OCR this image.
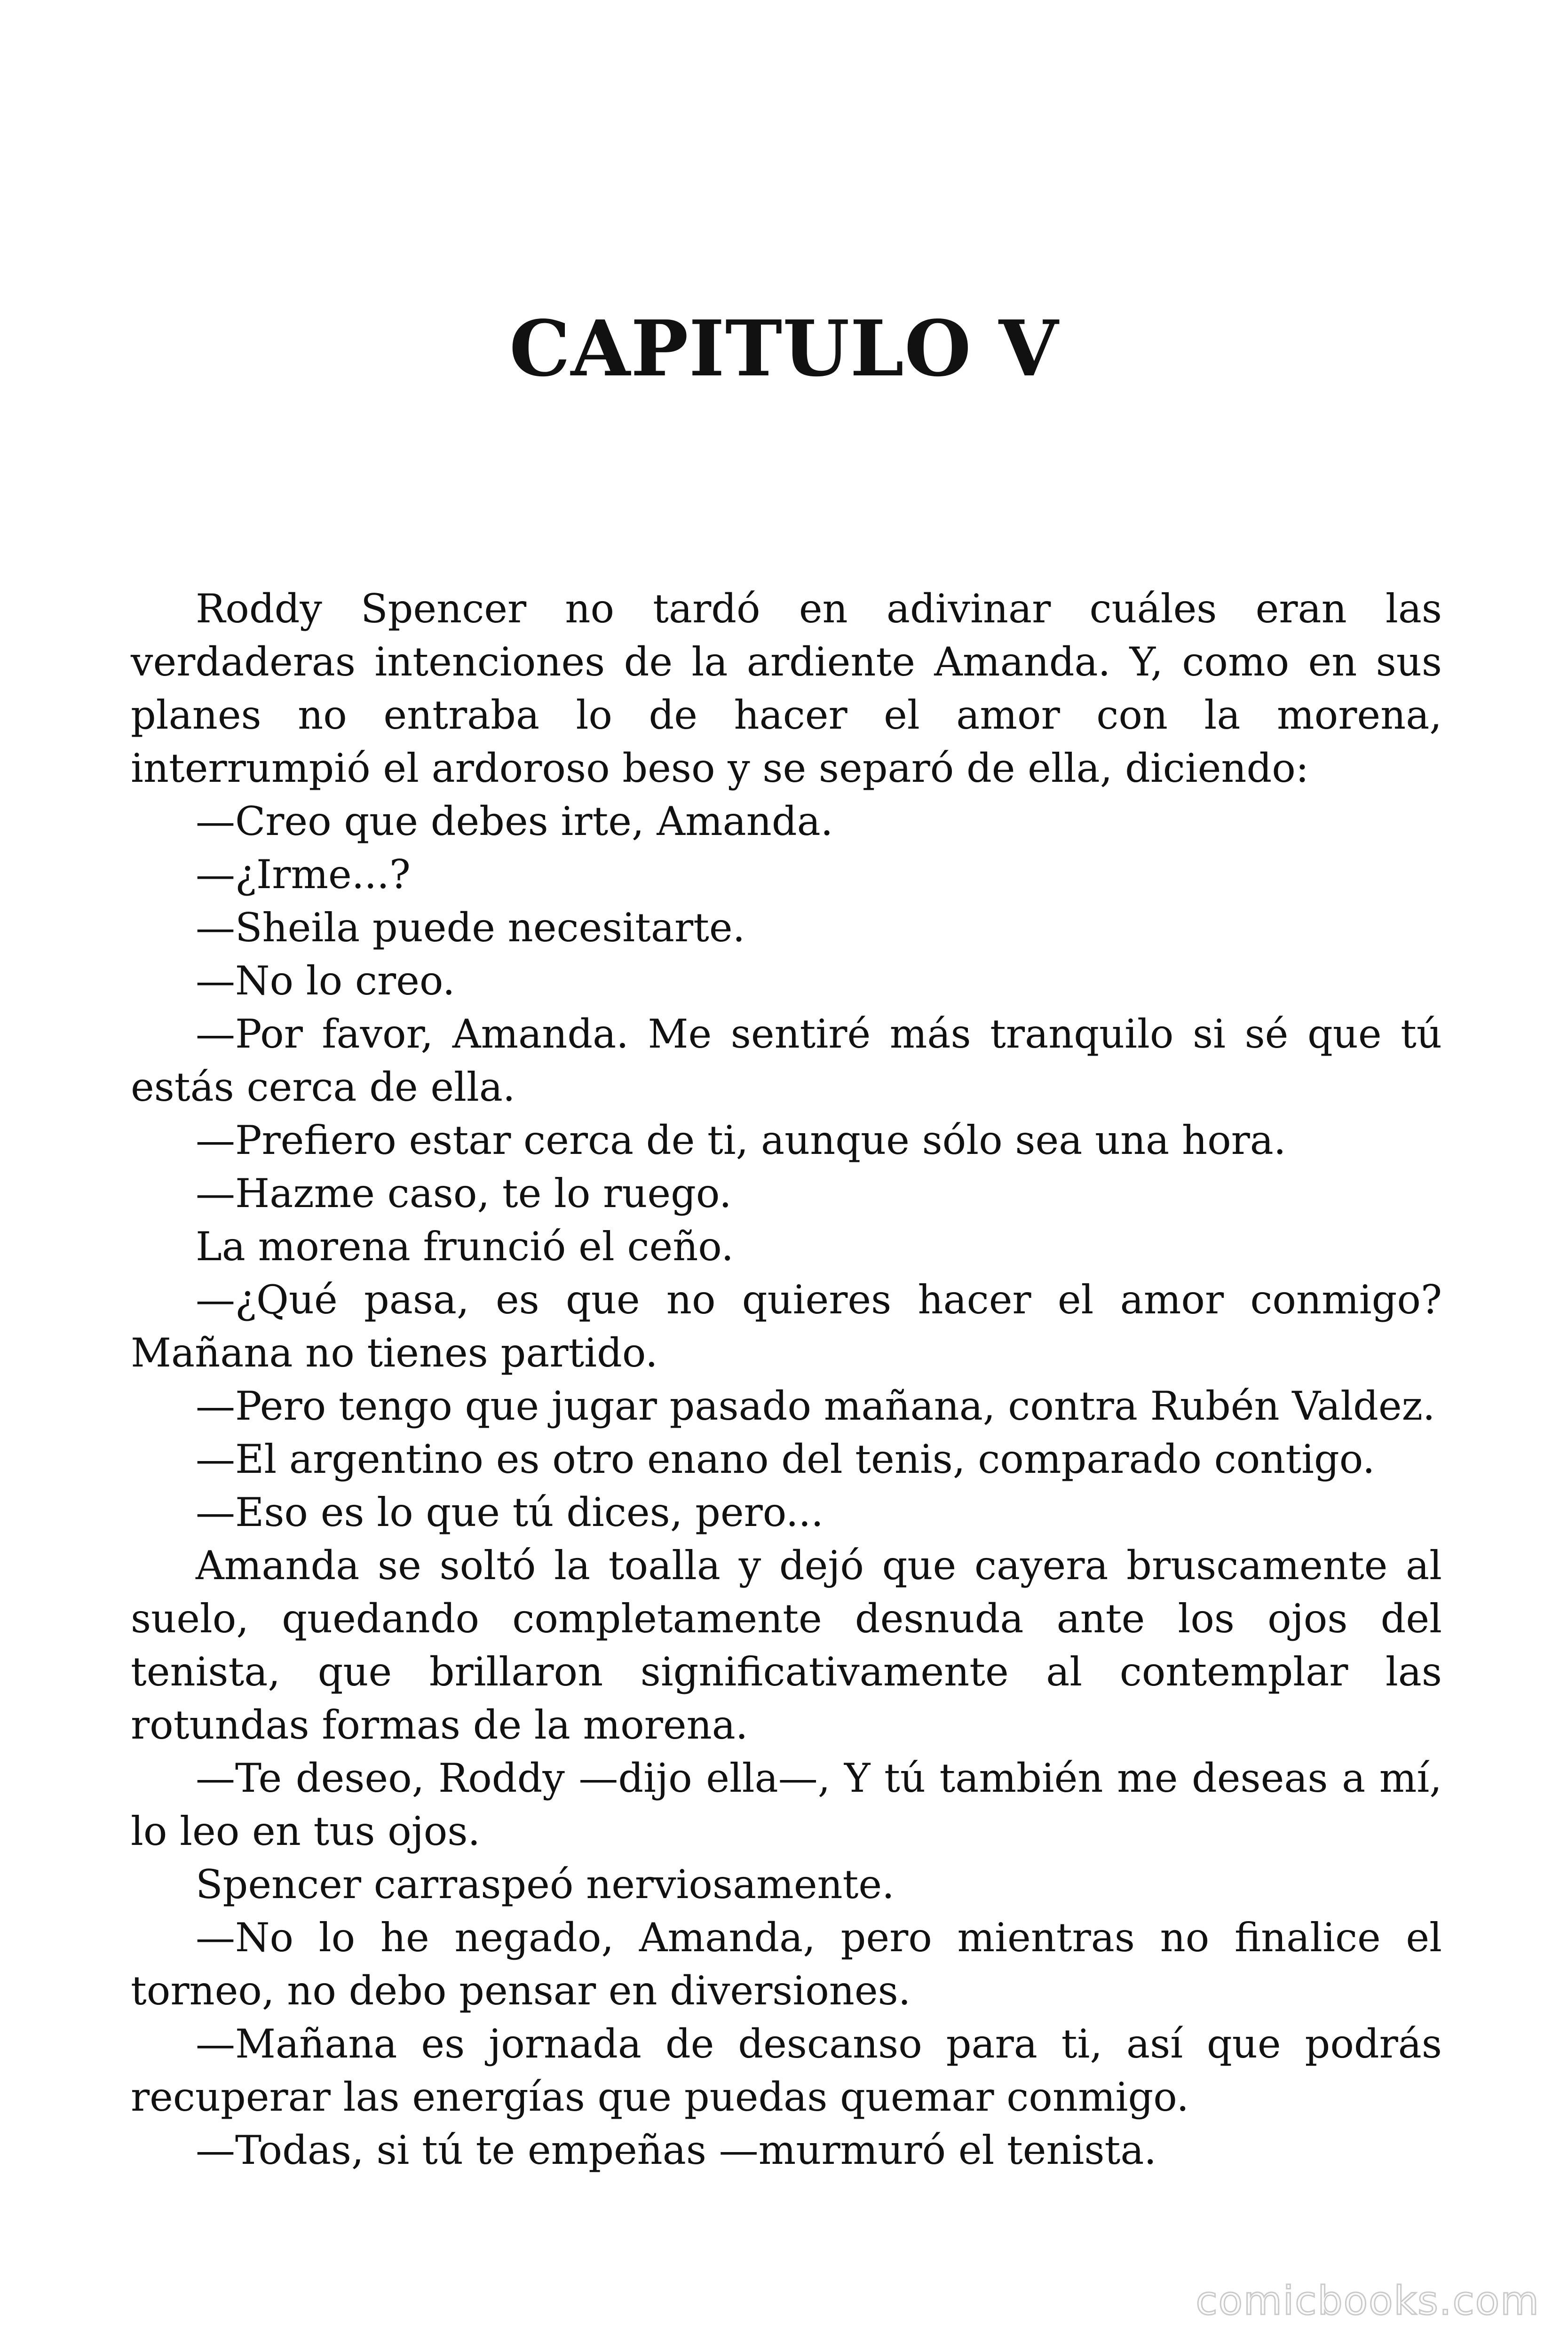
CAPITULO V

Roddy Spencer no tardó en adivinar cuáles eran las verdaderas intenciones de la ardiente Amanda. Y, como en sus planes no entraba lo de hacer el amor con la morena, interrumpió el ardoroso beso y se separó de ella, diciendo:

—Creo que debes irte, Amanda.

—¿Irme...?

—Sheila puede necesitarte.

—No lo creo.

—Por favor, Amanda. Me sentiré más tranquilo si sé que tú estás cerca de ella.

—Prefiero estar cerca de ti, aunque sólo sea una hora.

—Hazme caso, te lo ruego.

La morena frunció el ceño.

—¿Qué pasa, es que no quieres hacer el amor conmigo? Mañana no tienes partido.

—Pero tengo que jugar pasado mañana, contra Rubén Valdez.

—El argentino es otro enano del tenis, comparado contigo.

—Eso es lo que tú dices, pero...

Amanda se soltó la toalla y dejó que cayera bruscamente al suelo, quedando completamente desnuda ante los ojos del tenista, que brillaron significativamente al contemplar las rotundas formas de la morena.

—Te deseo, Roddy —dijo ella—, Y tú también me deseas a mí, lo leo en tus ojos.

Spencer carraspeó nerviosamente.

—No lo he negado, Amanda, pero mientras no finalice el torneo, no debo pensar en diversiones.

—Mañana es jornada de descanso para ti, así que podrás recuperar las energías que puedas quemar conmigo.

—Todas, si tú te empeñas —murmuró el tenista.

comicbooks.com
